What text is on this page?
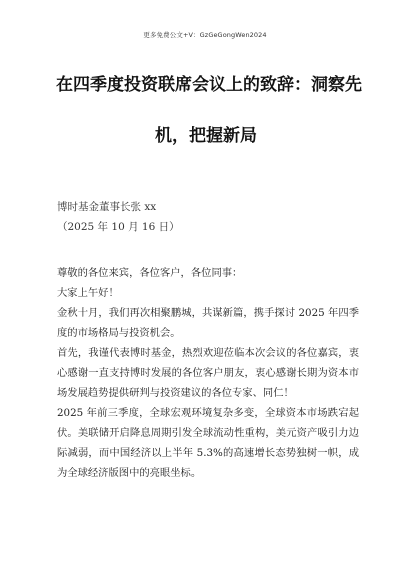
更多免费公文+V：GzGeGongWen2024
在四季度投资联席会议上的致辞：洞察先
机，把握新局
博时基金董事长张 xx
（2025 年 10 月 16 日）

尊敬的各位来宾，各位客户，各位同事：

大家上午好！

金秋十月，我们再次相聚鹏城，共谋新篇，携手探讨 2025 年四季度的市场格局与投资机会。

首先，我谨代表博时基金，热烈欢迎莅临本次会议的各位嘉宾，衷心感谢一直支持博时发展的各位客户朋友，衷心感谢长期为资本市场发展趋势提供研判与投资建议的各位专家、同仁！

2025 年前三季度，全球宏观环境复杂多变，全球资本市场跌宕起伏。美联储开启降息周期引发全球流动性重构，美元资产吸引力边际减弱，而中国经济以上半年 5.3%的高速增长态势独树一帜，成为全球经济版图中的亮眼坐标。
